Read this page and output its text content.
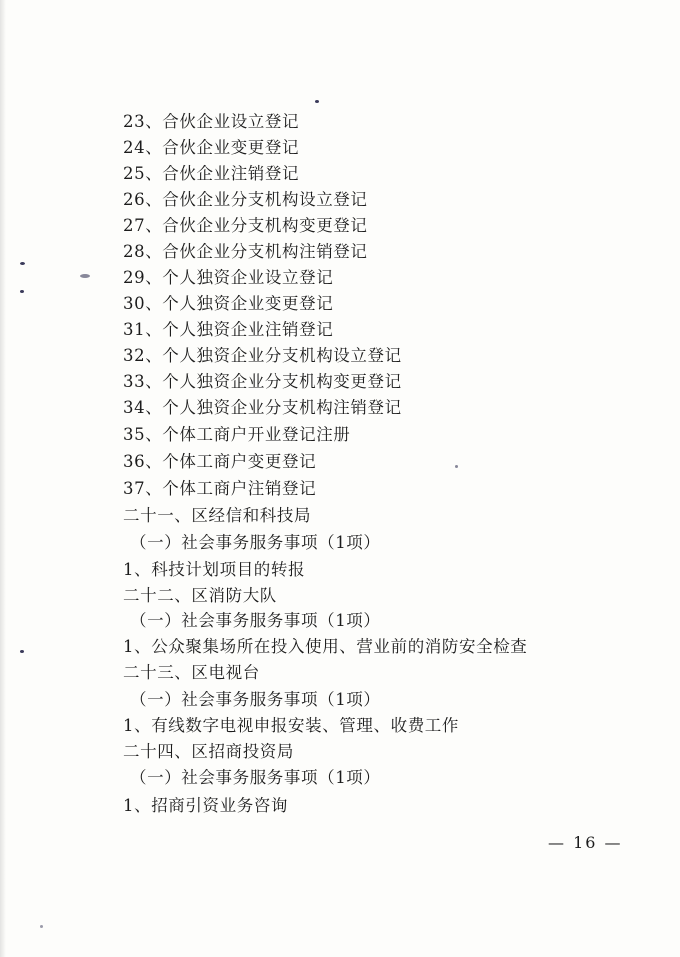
23、合伙企业设立登记
24、合伙企业变更登记
25、合伙企业注销登记
26、合伙企业分支机构设立登记
27、合伙企业分支机构变更登记
28、合伙企业分支机构注销登记
29、个人独资企业设立登记
30、个人独资企业变更登记
31、个人独资企业注销登记
32、个人独资企业分支机构设立登记
33、个人独资企业分支机构变更登记
34、个人独资企业分支机构注销登记
35、个体工商户开业登记注册
36、个体工商户变更登记
37、个体工商户注销登记
二十一、区经信和科技局
（一）社会事务服务事项（1项）
1、科技计划项目的转报
二十二、区消防大队
（一）社会事务服务事项（1项）
1、公众聚集场所在投入使用、营业前的消防安全检查
二十三、区电视台
（一）社会事务服务事项（1项）
1、有线数字电视申报安装、管理、收费工作
二十四、区招商投资局
（一）社会事务服务事项（1项）
1、招商引资业务咨询
— 16 —
